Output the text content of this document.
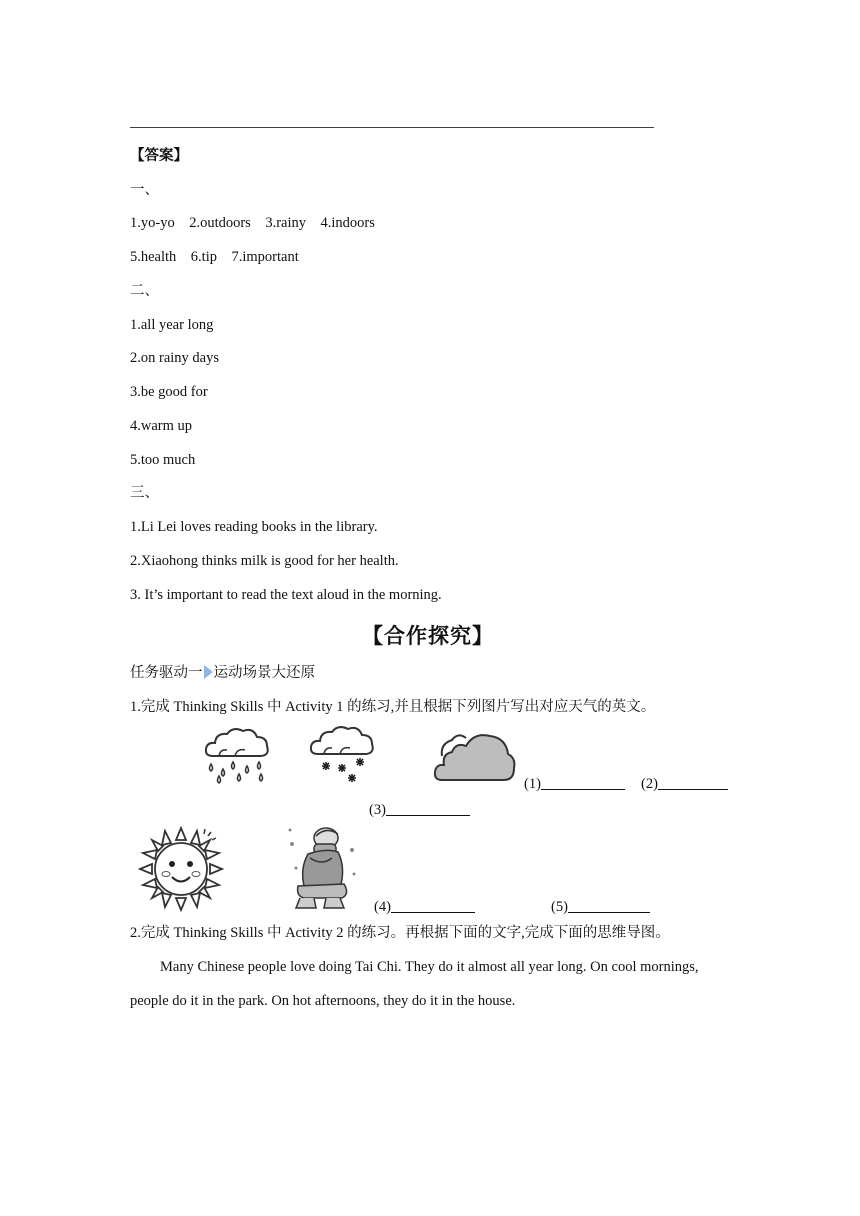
【答案】
一、
1.yo-yo    2.outdoors    3.rainy    4.indoors
5.health    6.tip    7.important
二、
1.all year long
2.on rainy days
3.be good for
4.warm up
5.too much
三、
1.Li Lei loves reading books in the library.
2.Xiaohong thinks milk is good for her health.
3. It’s important to read the text aloud in the morning.
【合作探究】
任务驱动一 运动场景大还原
1.完成 Thinking Skills 中 Activity 1 的练习,并且根据下列图片写出对应天气的英文。
(1)	(2)
(3)
(4)	(5)
2.完成 Thinking Skills 中 Activity 2 的练习。再根据下面的文字,完成下面的思维导图。
Many Chinese people love doing Tai Chi. They do it almost all year long. On cool mornings,
people do it in the park. On hot afternoons, they do it in the house.
